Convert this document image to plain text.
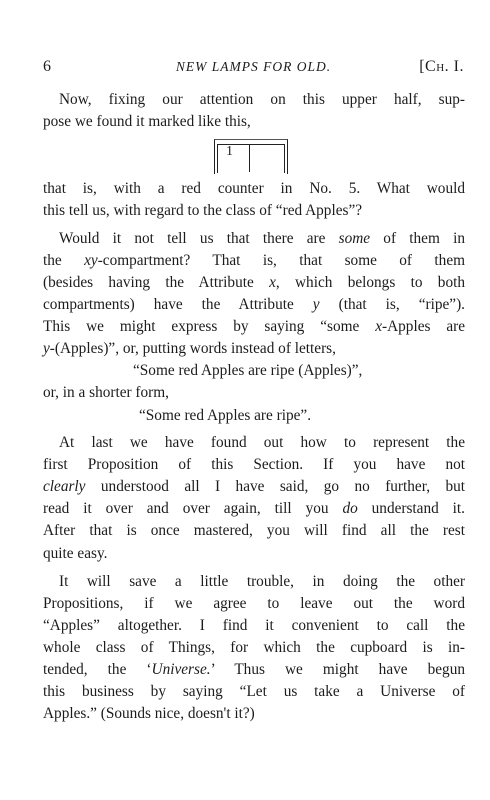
6	NEW LAMPS FOR OLD.	[Ch. I.
Now, fixing our attention on this upper half, sup-
pose we found it marked like this,
1
that is, with a red counter in No. 5. What would
this tell us, with regard to the class of “red Apples”?
Would it not tell us that there are some of them in
the xy-compartment? That is, that some of them
(besides having the Attribute x, which belongs to both
compartments) have the Attribute y (that is, “ripe”).
This we might express by saying “some x-Apples are
y-(Apples)”, or, putting words instead of letters,
“Some red Apples are ripe (Apples)”,
or, in a shorter form,
“Some red Apples are ripe”.
At last we have found out how to represent the
first Proposition of this Section. If you have not
clearly understood all I have said, go no further, but
read it over and over again, till you do understand it.
After that is once mastered, you will find all the rest
quite easy.
It will save a little trouble, in doing the other
Propositions, if we agree to leave out the word
“Apples” altogether. I find it convenient to call the
whole class of Things, for which the cupboard is in-
tended, the ‘Universe.’ Thus we might have begun
this business by saying “Let us take a Universe of
Apples.” (Sounds nice, doesn't it?)
